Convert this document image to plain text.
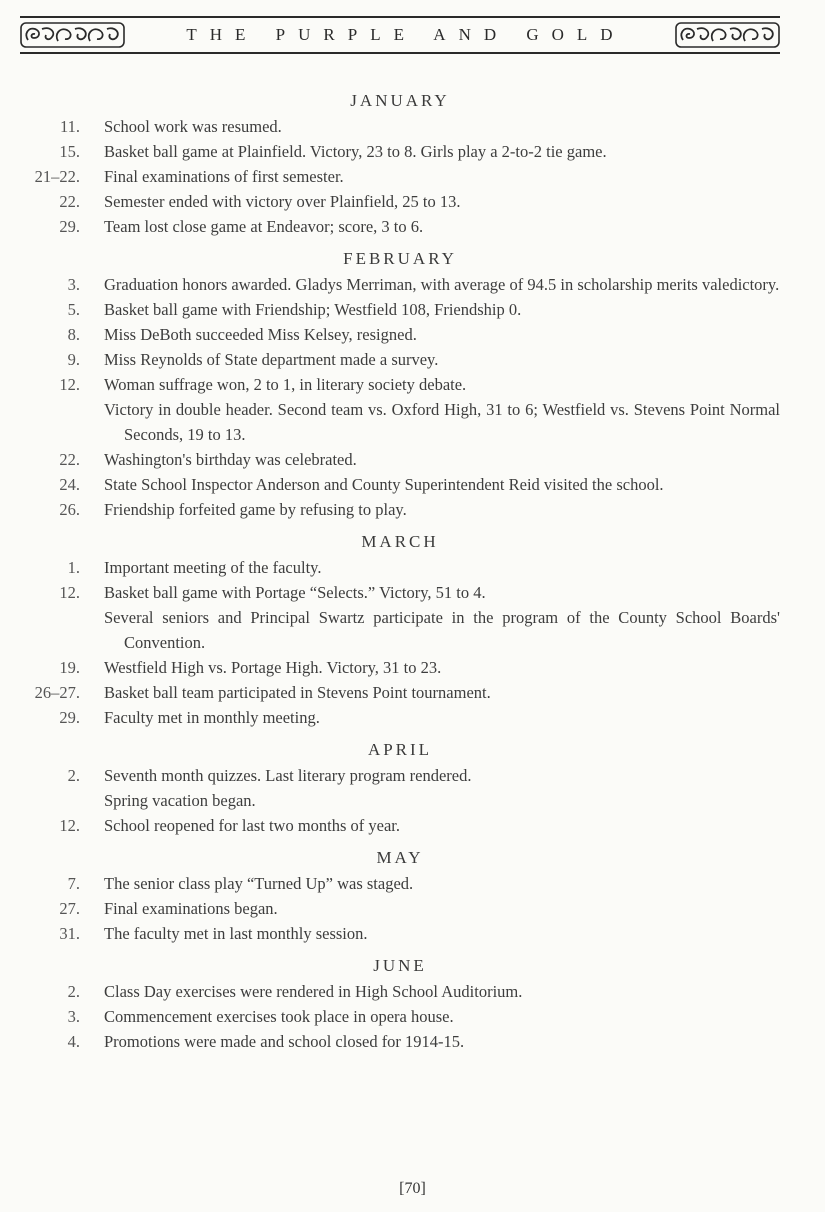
THE PURPLE AND GOLD
JANUARY
11. School work was resumed.
15. Basket ball game at Plainfield. Victory, 23 to 8. Girls play a 2-to-2 tie game.
21–22. Final examinations of first semester.
22. Semester ended with victory over Plainfield, 25 to 13.
29. Team lost close game at Endeavor; score, 3 to 6.
FEBRUARY
3. Graduation honors awarded. Gladys Merriman, with average of 94.5 in scholarship merits valedictory.
5. Basket ball game with Friendship; Westfield 108, Friendship 0.
8. Miss DeBoth succeeded Miss Kelsey, resigned.
9. Miss Reynolds of State department made a survey.
12. Woman suffrage won, 2 to 1, in literary society debate.
Victory in double header. Second team vs. Oxford High, 31 to 6; Westfield vs. Stevens Point Normal Seconds, 19 to 13.
22. Washington's birthday was celebrated.
24. State School Inspector Anderson and County Superintendent Reid visited the school.
26. Friendship forfeited game by refusing to play.
MARCH
1. Important meeting of the faculty.
12. Basket ball game with Portage “Selects.” Victory, 51 to 4.
Several seniors and Principal Swartz participate in the program of the County School Boards' Convention.
19. Westfield High vs. Portage High. Victory, 31 to 23.
26–27. Basket ball team participated in Stevens Point tournament.
29. Faculty met in monthly meeting.
APRIL
2. Seventh month quizzes. Last literary program rendered.
Spring vacation began.
12. School reopened for last two months of year.
MAY
7. The senior class play “Turned Up” was staged.
27. Final examinations began.
31. The faculty met in last monthly session.
JUNE
2. Class Day exercises were rendered in High School Auditorium.
3. Commencement exercises took place in opera house.
4. Promotions were made and school closed for 1914-15.
[70]
